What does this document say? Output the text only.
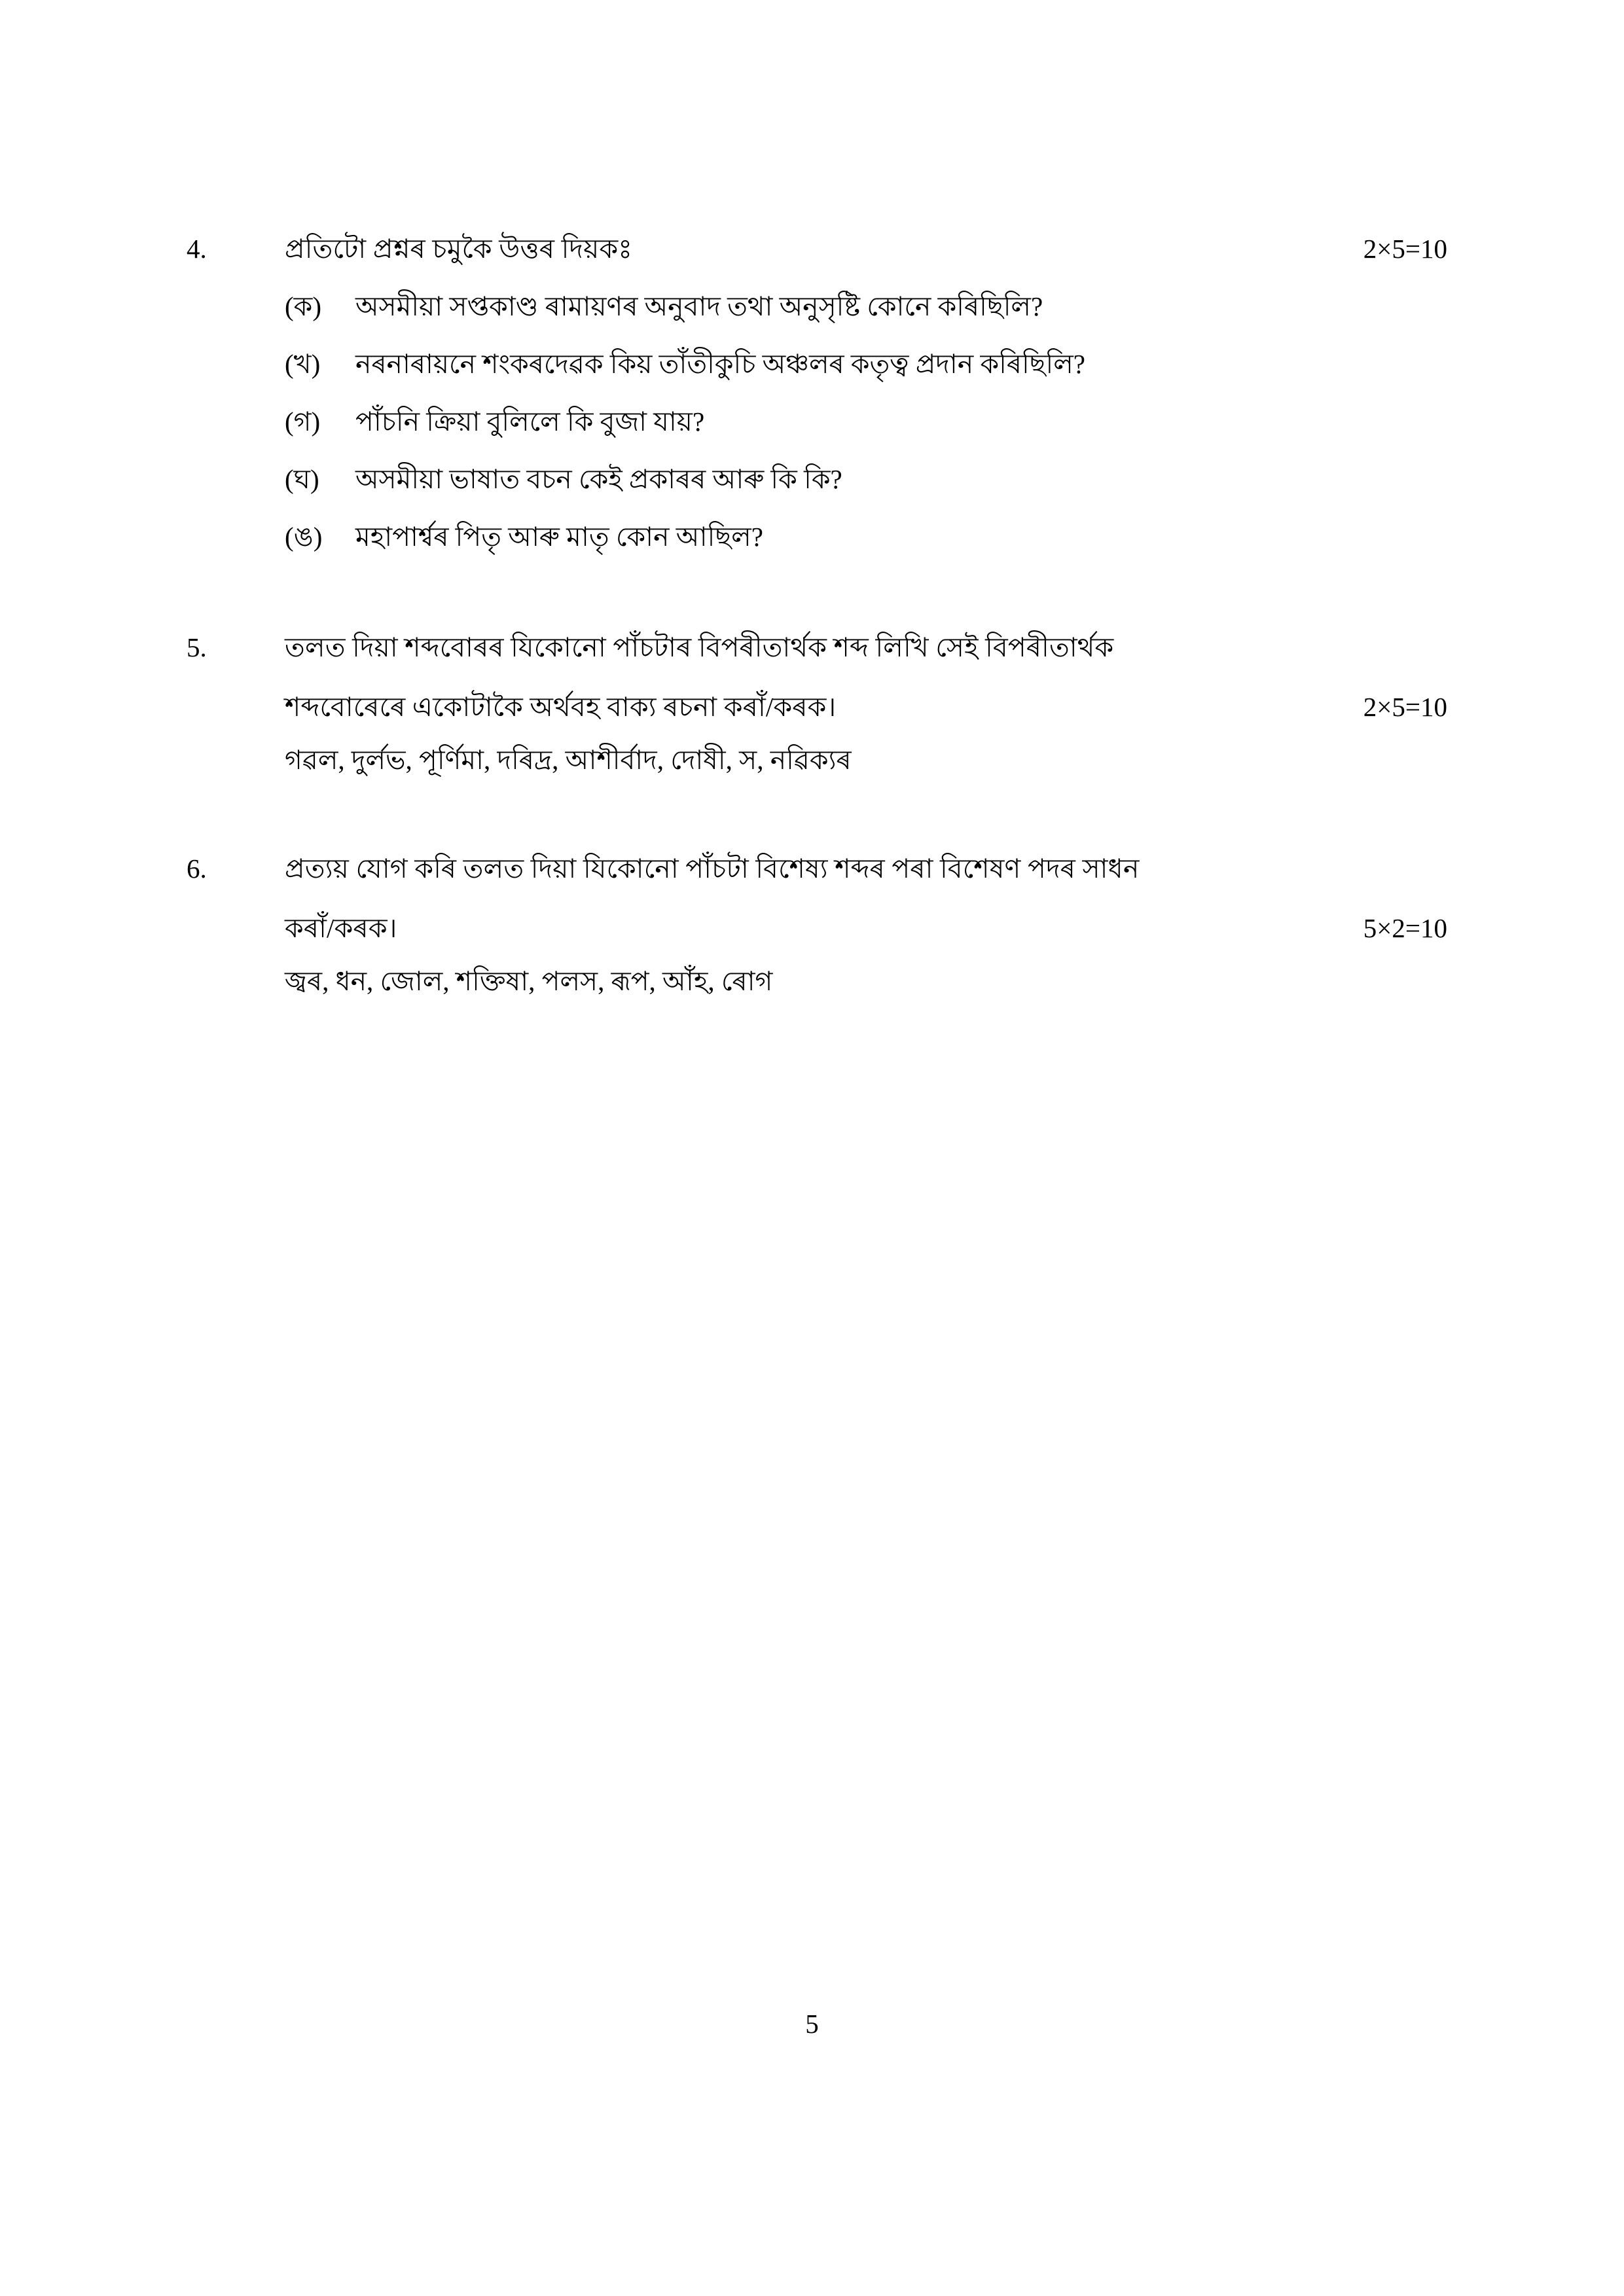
4.	প্ৰতিটো প্ৰশ্নৰ চমুকৈ উত্তৰ দিয়কঃ	2×5=10
(ক) অসমীয়া সপ্তকাণ্ড ৰামায়ণৰ অনুবাদ তথা অনুসৃষ্টি কোনে কৰিছিলি?
(খ) নৰনাৰায়নে শংকৰদেৱক কিয় তাঁতীকুচি অঞ্চলৰ কতৃত্ব প্ৰদান কৰিছিলি?
(গ) পাঁচনি ক্ৰিয়া বুলিলে কি বুজা যায়?
(ঘ) অসমীয়া ভাষাত বচন কেই প্ৰকাৰৰ আৰু কি কি?
(ঙ) মহাপাৰ্শ্বৰ পিতৃ আৰু মাতৃ কোন আছিল?
5.	তলত দিয়া শব্দবোৰৰ যিকোনো পাঁচটাৰ বিপৰীতাৰ্থক শব্দ লিখি সেই বিপৰীতাৰ্থক
শব্দবোৰেৰে একোটাকৈ অৰ্থবহ বাক্য ৰচনা কৰাঁ/কৰক।	2×5=10
গৱল, দুৰ্লভ, পূৰ্ণিমা, দৰিদ্ৰ, আশীৰ্বাদ, দোষী, স, নৱিক্যৰ
6.	প্ৰত্যয় যোগ কৰি তলত দিয়া যিকোনো পাঁচটা বিশেষ্য শব্দৰ পৰা বিশেষণ পদৰ সাধন
কৰাঁ/কৰক।	5×2=10
জ্বৰ, ধন, জোল, শক্তিষা, পলস, ৰূপ, আঁহ, ৰোগ
5
